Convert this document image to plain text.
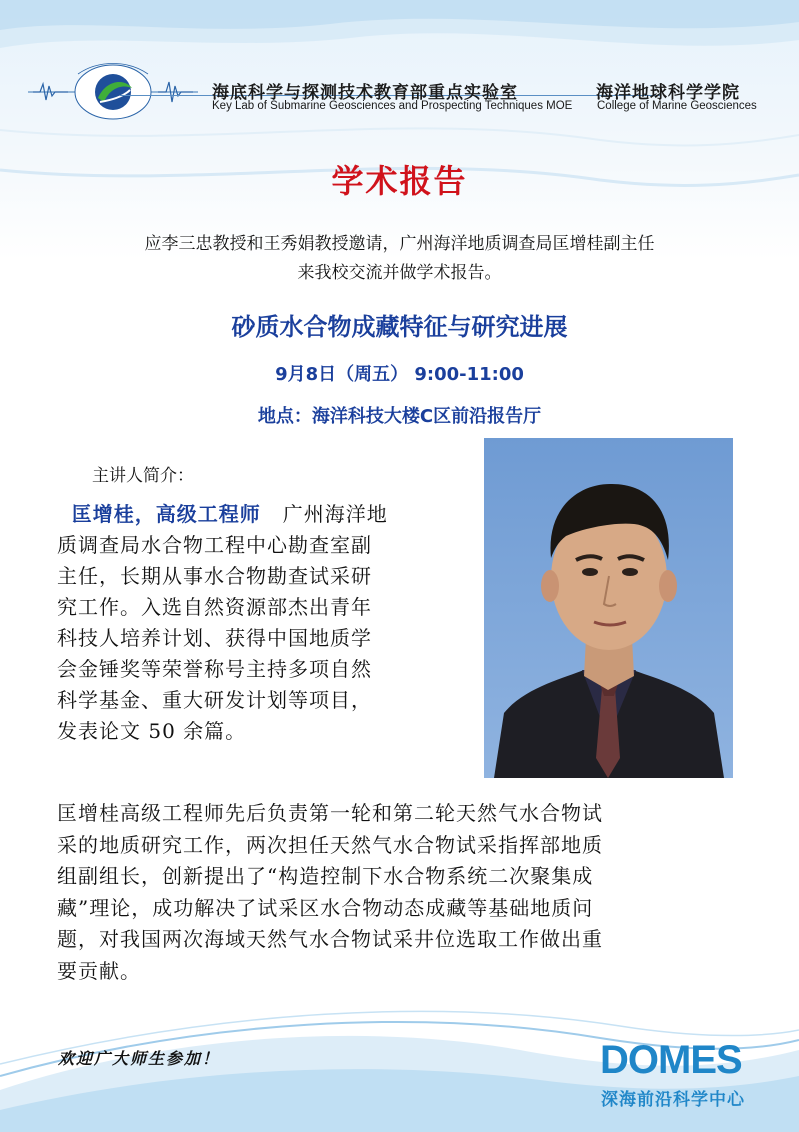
海底科学与探测技术教育部重点实验室
Key Lab of Submarine Geosciences and Prospecting Techniques MOE
海洋地球科学学院
College of Marine Geosciences
学术报告
应李三忠教授和王秀娟教授邀请，广州海洋地质调查局匡增桂副主任
来我校交流并做学术报告。
砂质水合物成藏特征与研究进展
9月8日（周五） 9:00-11:00
地点：海洋科技大楼C区前沿报告厅
主讲人简介：
匡增桂，高级工程师 广州海洋地
质调查局水合物工程中心勘查室副
主任，长期从事水合物勘查试采研
究工作。入选自然资源部杰出青年
科技人培养计划、获得中国地质学
会金锤奖等荣誉称号主持多项自然
科学基金、重大研发计划等项目，
发表论文 50 余篇。
匡增桂高级工程师先后负责第一轮和第二轮天然气水合物试
采的地质研究工作，两次担任天然气水合物试采指挥部地质
组副组长，创新提出了“构造控制下水合物系统二次聚集成
藏”理论，成功解决了试采区水合物动态成藏等基础地质问
题，对我国两次海域天然气水合物试采井位选取工作做出重
要贡献。
欢迎广大师生参加！	DOMES
深海前沿科学中心
